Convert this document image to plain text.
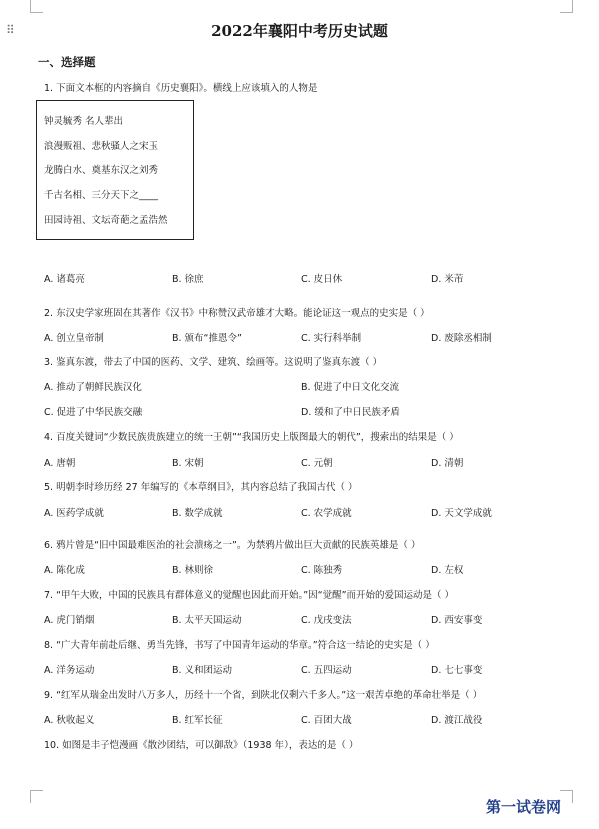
⠿	2022年襄阳中考历史试题
一、选择题
1. 下面文本框的内容摘自《历史襄阳》。横线上应该填入的人物是
钟灵毓秀 名人辈出
浪漫贩祖、悲秋骚人之宋玉
龙腾白水、奠基东汉之刘秀
千古名相、三分天下之____
田园诗祖、文坛奇葩之孟浩然
A. 诸葛亮	B. 徐庶	C. 皮日休	D. 米芾
2. 东汉史学家班固在其著作《汉书》中称赞汉武帝雄才大略。能论证这一观点的史实是（ ）
A. 创立皇帝制	B. 颁布“推恩令”	C. 实行科举制	D. 废除丞相制
3. 鉴真东渡，带去了中国的医药、文学、建筑、绘画等。这说明了鉴真东渡（ ）
A. 推动了朝鲜民族汉化	B. 促进了中日文化交流
C. 促进了中华民族交融	D. 缓和了中日民族矛盾
4. 百度关键词“少数民族贵族建立的统一王朝”“我国历史上版图最大的朝代”，搜索出的结果是（ ）
A. 唐朝	B. 宋朝	C. 元朝	D. 清朝
5. 明朝李时珍历经 27 年编写的《本草纲目》，其内容总结了我国古代（ ）
A. 医药学成就	B. 数学成就	C. 农学成就	D. 天文学成就
6. 鸦片曾是“旧中国最难医治的社会溃疡之一”。为禁鸦片做出巨大贡献的民族英雄是（ ）
A. 陈化成	B. 林则徐	C. 陈独秀	D. 左权
7. “甲午大败，中国的民族具有群体意义的觉醒也因此而开始。”因“觉醒”而开始的爱国运动是（ ）
A. 虎门销烟	B. 太平天国运动	C. 戊戌变法	D. 西安事变
8. “广大青年前赴后继、勇当先锋，书写了中国青年运动的华章。”符合这一结论的史实是（ ）
A. 洋务运动	B. 义和团运动	C. 五四运动	D. 七七事变
9. “红军从瑞金出发时八万多人，历经十一个省，到陕北仅剩六千多人。”这一艰苦卓绝的革命壮举是（ ）
A. 秋收起义	B. 红军长征	C. 百团大战	D. 渡江战役
10. 如图是丰子恺漫画《散沙团结，可以御敌》（1938 年），表达的是（ ）
第一试卷网
